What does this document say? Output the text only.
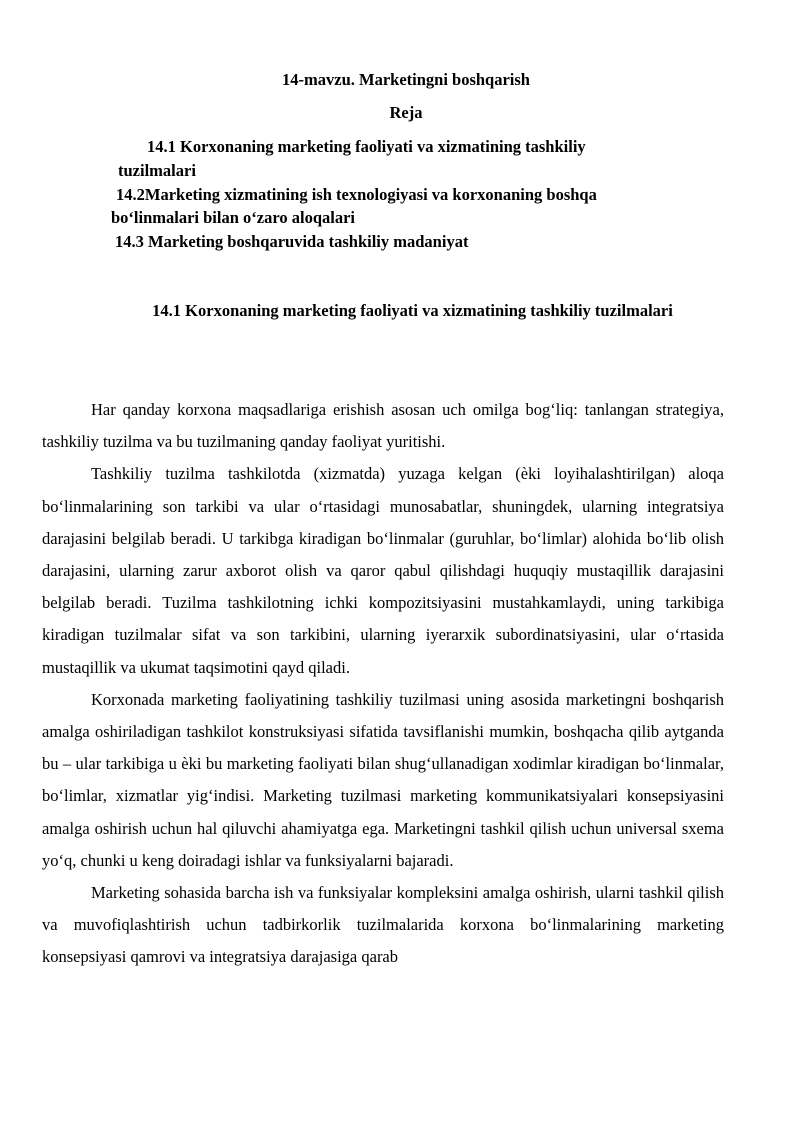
14-mavzu. Marketingni boshqarish
Reja
14.1 Korxonaning marketing faoliyati va xizmatining tashkiliy
tuzilmalari
14.2Marketing xizmatining ish texnologiyasi va korxonaning boshqa
bo‘linmalari bilan o‘zaro aloqalari
14.3 Marketing boshqaruvida tashkiliy madaniyat
14.1 Korxonaning marketing faoliyati va xizmatining tashkiliy tuzilmalari

Har qanday korxona maqsadlariga erishish asosan uch omilga bog‘liq: tanlangan strategiya, tashkiliy tuzilma va bu tuzilmaning qanday faoliyat yuritishi.

Tashkiliy tuzilma tashkilotda (xizmatda) yuzaga kelgan (èki loyihalashtirilgan) aloqa bo‘linmalarining son tarkibi va ular o‘rtasidagi munosabatlar, shuningdek, ularning integratsiya darajasini belgilab beradi. U tarkibga kiradigan bo‘linmalar (guruhlar, bo‘limlar) alohida bo‘lib olish darajasini, ularning zarur axborot olish va qaror qabul qilishdagi huquqiy mustaqillik darajasini belgilab beradi. Tuzilma tashkilotning ichki kompozitsiyasini mustahkamlaydi, uning tarkibiga kiradigan tuzilmalar sifat va son tarkibini, ularning iyerarxik subordinatsiyasini, ular o‘rtasida mustaqillik va ukumat taqsimotini qayd qiladi.

Korxonada marketing faoliyatining tashkiliy tuzilmasi uning asosida marketingni boshqarish amalga oshiriladigan tashkilot konstruksiyasi sifatida tavsiflanishi mumkin, boshqacha qilib aytganda bu – ular tarkibiga u èki bu marketing faoliyati bilan shug‘ullanadigan xodimlar kiradigan bo‘linmalar, bo‘limlar, xizmatlar yig‘indisi. Marketing tuzilmasi marketing kommunikatsiyalari konsepsiyasini amalga oshirish uchun hal qiluvchi ahamiyatga ega. Marketingni tashkil qilish uchun universal sxema yo‘q, chunki u keng doiradagi ishlar va funksiyalarni bajaradi.

Marketing sohasida barcha ish va funksiyalar kompleksini amalga oshirish, ularni tashkil qilish va muvofiqlashtirish uchun tadbirkorlik tuzilmalarida korxona bo‘linmalarining marketing konsepsiyasi qamrovi va integratsiya darajasiga qarab
